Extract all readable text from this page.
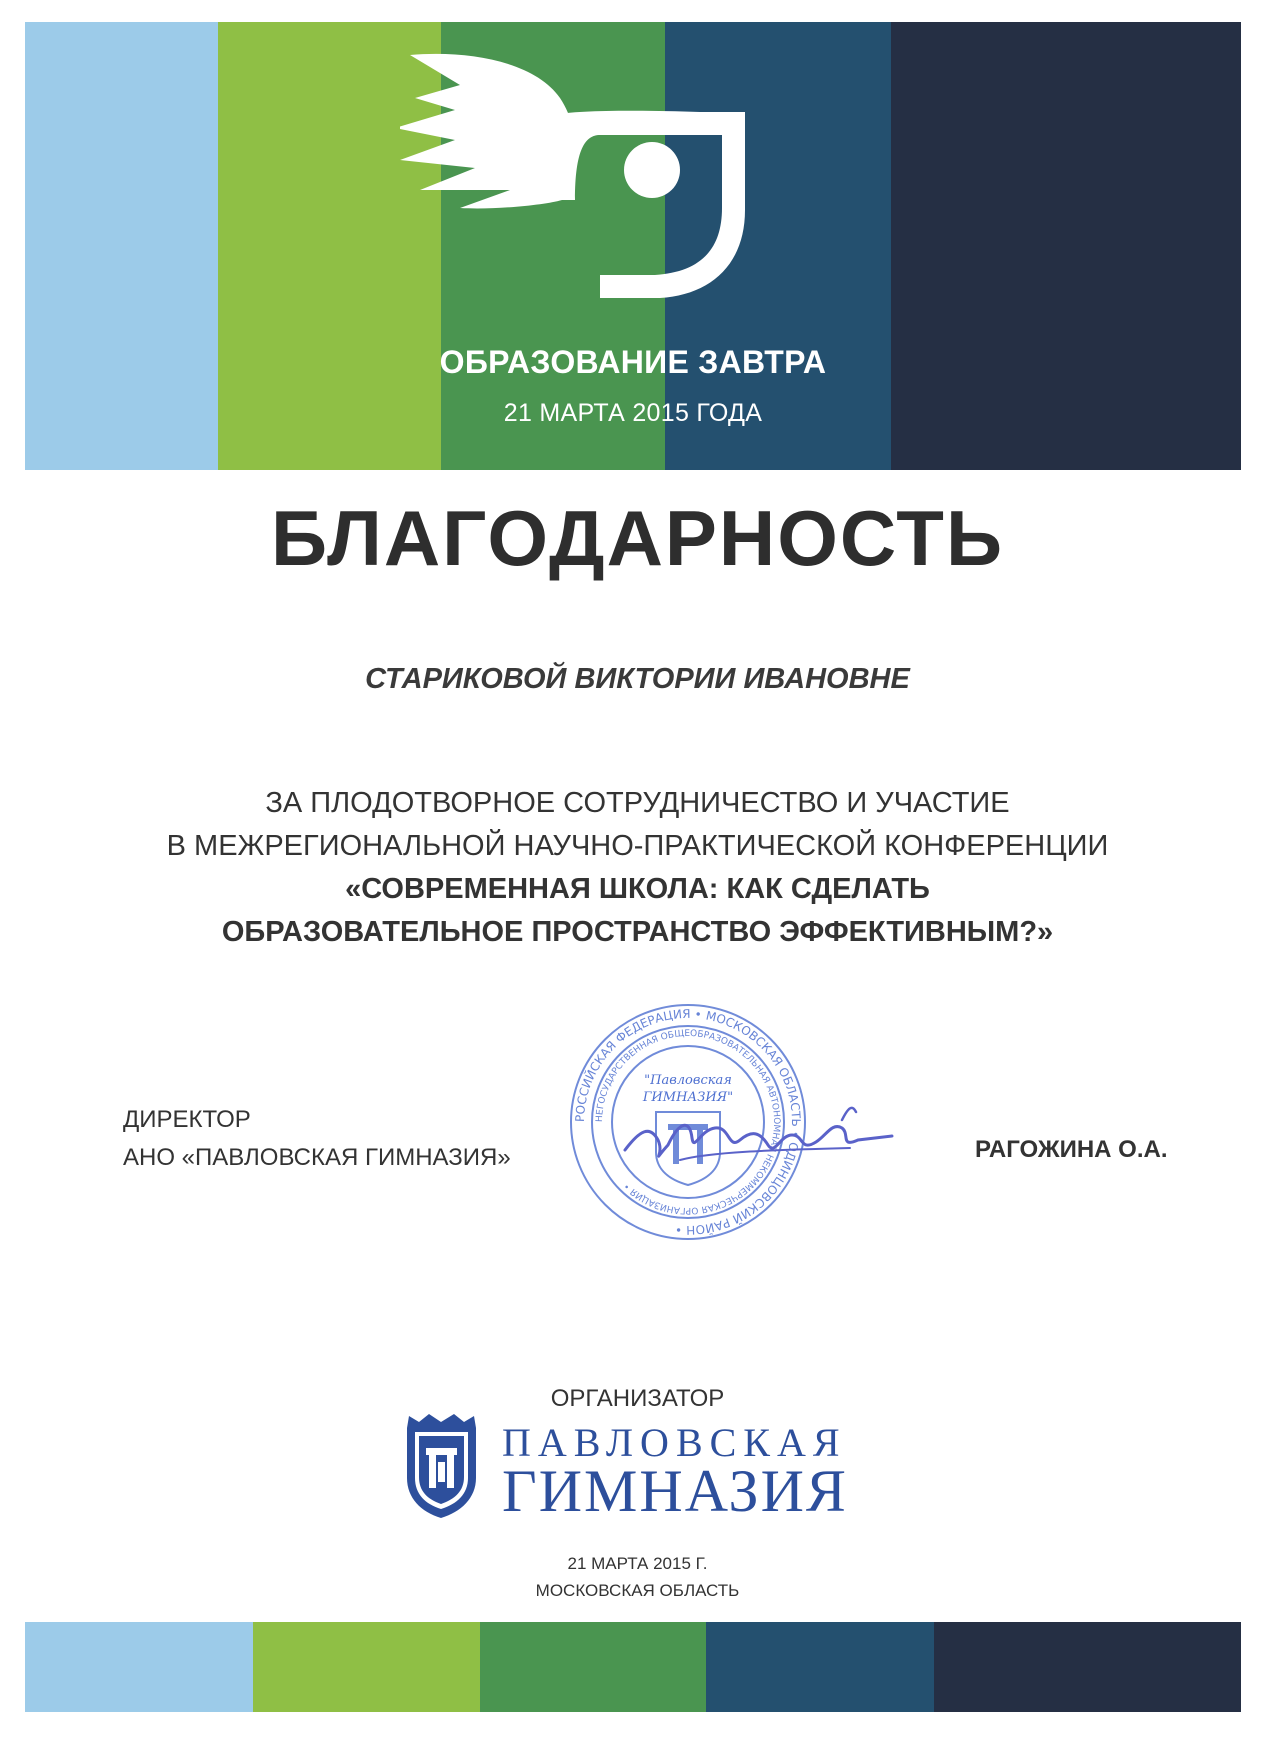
ОБРАЗОВАНИЕ ЗАВТРА
21 МАРТА 2015 ГОДА
БЛАГОДАРНОСТЬ
СТАРИКОВОЙ ВИКТОРИИ ИВАНОВНЕ
ЗА ПЛОДОТВОРНОЕ СОТРУДНИЧЕСТВО И УЧАСТИЕ
В МЕЖРЕГИОНАЛЬНОЙ НАУЧНО-ПРАКТИЧЕСКОЙ КОНФЕРЕНЦИИ
«СОВРЕМЕННАЯ ШКОЛА: КАК СДЕЛАТЬ
ОБРАЗОВАТЕЛЬНОЕ ПРОСТРАНСТВО ЭФФЕКТИВНЫМ?»
ДИРЕКТОР
АНО «ПАВЛОВСКАЯ ГИМНАЗИЯ»	РАГОЖИНА О.А.
РОССИЙСКАЯ ФЕДЕРАЦИЯ • МОСКОВСКАЯ ОБЛАСТЬ • ОДИНЦОВСКИЙ РАЙОН •
НЕГОСУДАРСТВЕННАЯ ОБЩЕОБРАЗОВАТЕЛЬНАЯ АВТОНОМНАЯ НЕКОММЕРЧЕСКАЯ ОРГАНИЗАЦИЯ •
"Павловская
ГИМНАЗИЯ"
ОРГАНИЗАТОР
ПАВЛОВСКАЯ
ГИМНАЗИЯ
21 МАРТА 2015 Г.
МОСКОВСКАЯ ОБЛАСТЬ
